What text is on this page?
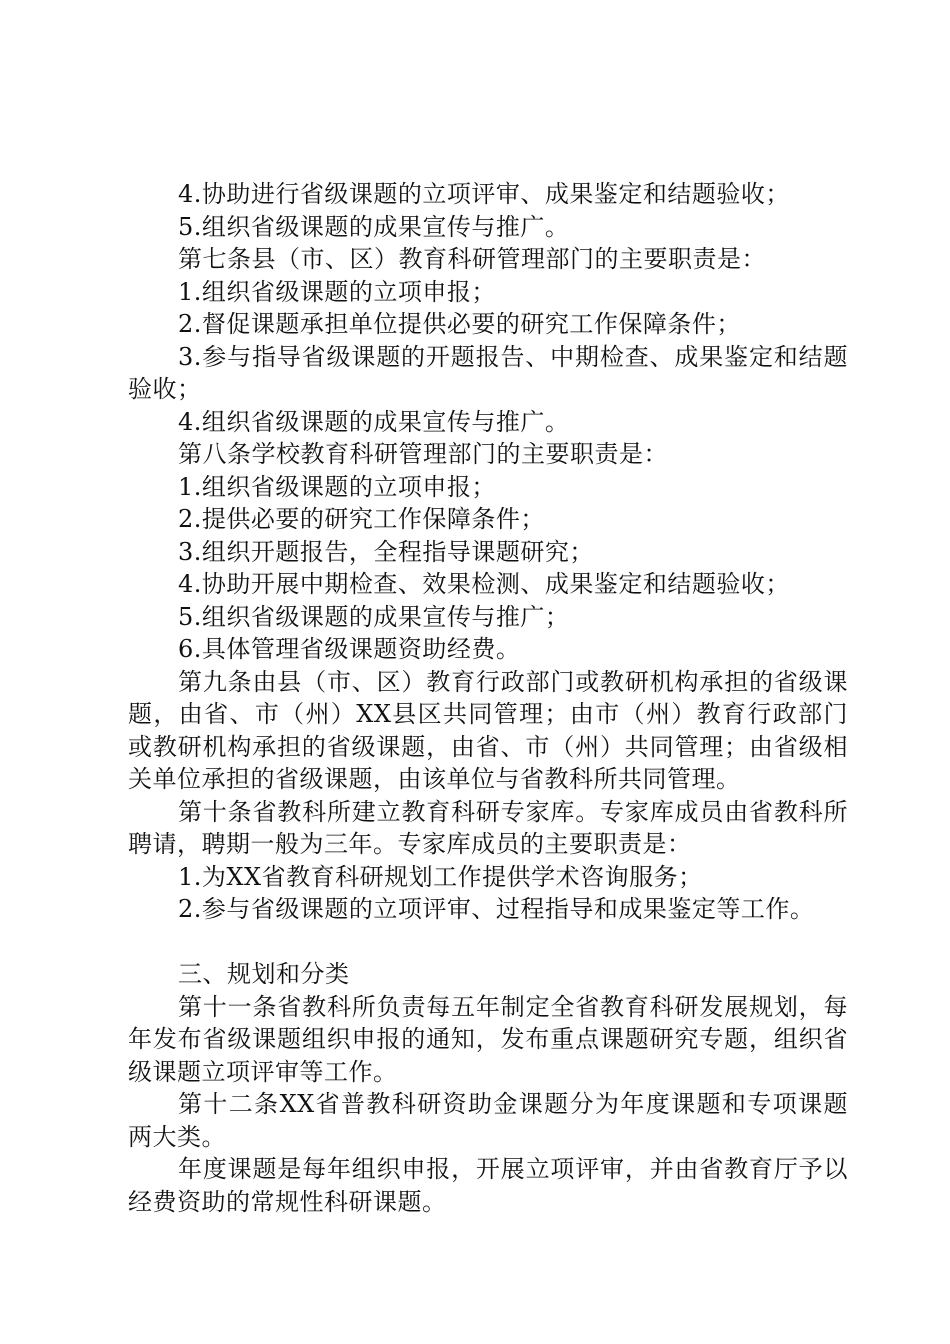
4.协助进行省级课题的立项评审、成果鉴定和结题验收；

5.组织省级课题的成果宣传与推广。

第七条县（市、区）教育科研管理部门的主要职责是：

1.组织省级课题的立项申报；

2.督促课题承担单位提供必要的研究工作保障条件；

3.参与指导省级课题的开题报告、中期检查、成果鉴定和结题验收；

4.组织省级课题的成果宣传与推广。

第八条学校教育科研管理部门的主要职责是：

1.组织省级课题的立项申报；

2.提供必要的研究工作保障条件；

3.组织开题报告，全程指导课题研究；

4.协助开展中期检查、效果检测、成果鉴定和结题验收；

5.组织省级课题的成果宣传与推广；

6.具体管理省级课题资助经费。

第九条由县（市、区）教育行政部门或教研机构承担的省级课题，由省、市（州）XX县区共同管理；由市（州）教育行政部门或教研机构承担的省级课题，由省、市（州）共同管理；由省级相关单位承担的省级课题，由该单位与省教科所共同管理。

第十条省教科所建立教育科研专家库。专家库成员由省教科所聘请，聘期一般为三年。专家库成员的主要职责是：

1.为XX省教育科研规划工作提供学术咨询服务；

2.参与省级课题的立项评审、过程指导和成果鉴定等工作。

三、规划和分类

第十一条省教科所负责每五年制定全省教育科研发展规划，每年发布省级课题组织申报的通知，发布重点课题研究专题，组织省级课题立项评审等工作。

第十二条XX省普教科研资助金课题分为年度课题和专项课题两大类。

年度课题是每年组织申报，开展立项评审，并由省教育厅予以经费资助的常规性科研课题。
